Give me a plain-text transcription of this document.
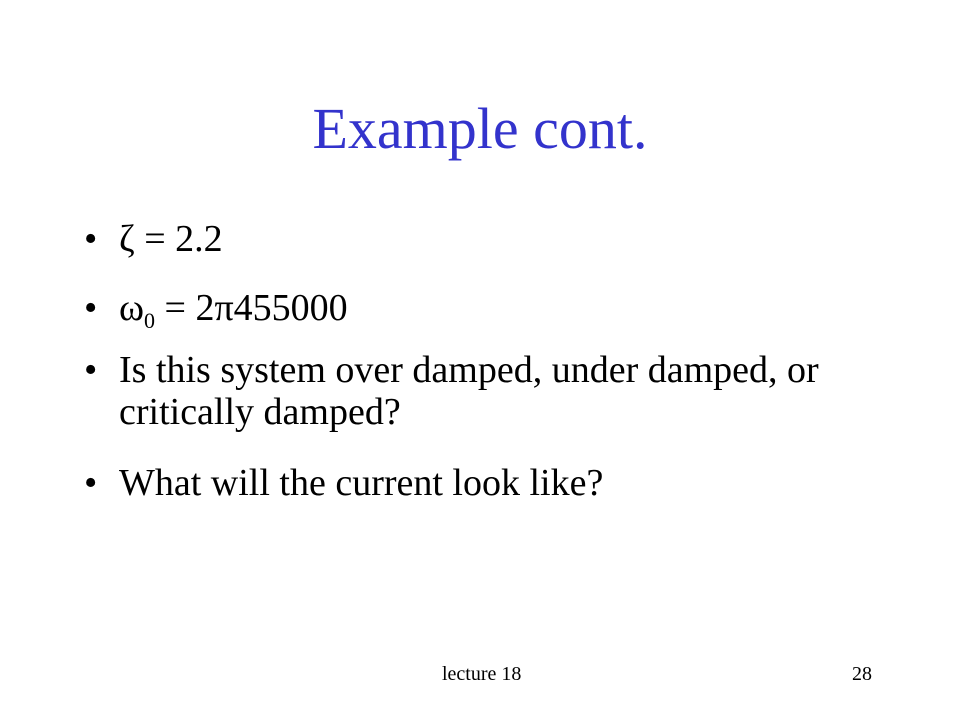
Example cont.
• ζ = 2.2
• $\omega_0 = 2\pi 455000$
• Is this system over damped, under damped, or critically damped?
• What will the current look like?
lecture 18	28
